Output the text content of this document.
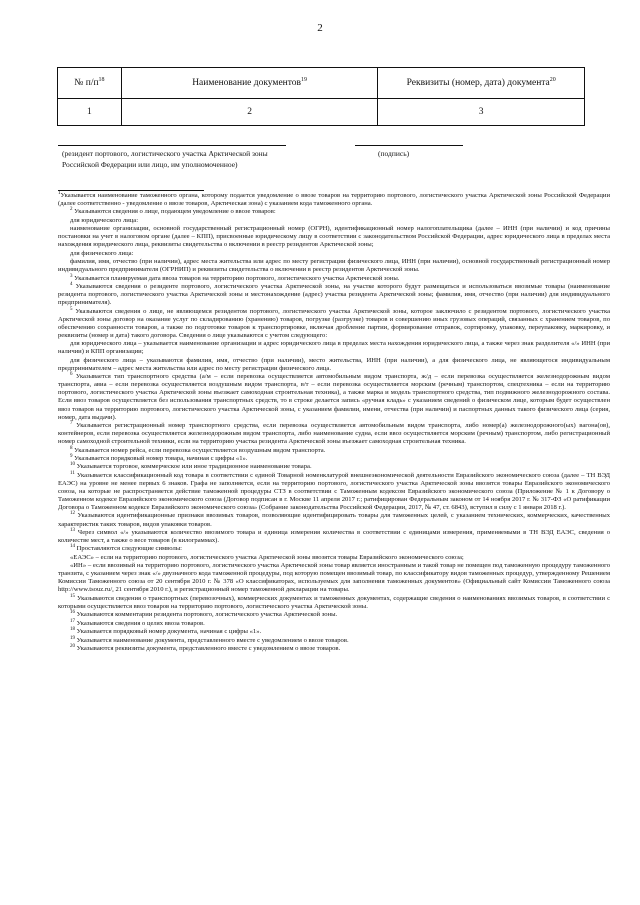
2
№ $п/п^{18}$	Наименование документов$^{19}$	Реквизиты (номер, дата) документа$^{20}$
1	2	3
(резидент портового, логистического участка Арктической зоны Российской Федерации или лицо, им уполномоченное)
(подпись)

$^1$Указывается наименование таможенного органа, которому подается уведомление о ввозе товаров на территорию портового, логистического участка Арктической зоны Российской Федерации (далее соответственно - уведомление о ввозе товаров, Арктическая зона) с указанием кода таможенного органа.

$^2$ Указываются сведения о лице, подающем уведомление о ввозе товаров:

для юридического лица:

наименование организации, основной государственный регистрационный номер (ОГРН), идентификационный номер налогоплательщика (далее – ИНН (при наличии) и код причины постановки на учет в налоговом органе (далее – КПП), присвоенные юридическому лицу в соответствии с законодательством Российской Федерации, адрес юридического лица в пределах места нахождения юридического лица, реквизиты свидетельства о включении в реестр резидентов Арктической зоны;

для физического лица:

фамилия, имя, отчество (при наличии), адрес места жительства или адрес по месту регистрации физического лица, ИНН (при наличии), основной государственный регистрационный номер индивидуального предпринимателя (ОГРНИП) и реквизиты свидетельства о включении в реестр резидентов Арктической зоны.

$^3$ Указывается планируемая дата ввоза товаров на территорию портового, логистического участка Арктической зоны.

$^4$ Указываются сведения о резиденте портового, логистического участка Арктической зоны, на участке которого будут размещаться и использоваться ввозимые товары (наименование резидента портового, логистического участка Арктической зоны и местонахождение (адрес) участка резидента Арктической зоны; фамилия, имя, отчество (при наличии) для индивидуального предпринимателя).

$^5$ Указываются сведения о лице, не являющемся резидентом портового, логистического участка Арктической зоны, которое заключило с резидентом портового, логистического участка Арктической зоны договор на оказание услуг по складированию (хранению) товаров, погрузке (разгрузке) товаров и совершению иных грузовых операций, связанных с хранением товаров, по обеспечению сохранности товаров, а также по подготовке товаров к транспортировке, включая дробление партии, формирование отправок, сортировку, упаковку, переупаковку, маркировку, и реквизиты (номер и дата) такого договора. Сведения о лице указываются с учетом следующего:

для юридического лица – указывается наименование организации и адрес юридического лица в пределах места нахождения юридического лица, а также через знак разделителя «/» ИНН (при наличии) и КПП организации;

для физического лица – указываются фамилия, имя, отчество (при наличии), место жительства, ИНН (при наличии), а для физического лица, не являющегося индивидуальным предпринимателем – адрес места жительства или адрес по месту регистрации физического лица.

$^6$ Указывается тип транспортного средства (а/м – если перевозка осуществляется автомобильным видом транспорта, ж/д – если перевозка осуществляется железнодорожным видом транспорта, авиа – если перевозка осуществляется воздушным видом транспорта, в/т – если перевозка осуществляется морским (речным) транспортом, спецтехника – если на территорию портового, логистического участка Арктической зоны въезжает самоходная строительная техника), а также марка и модель транспортного средства, тип подвижного железнодорожного состава. Если ввоз товаров осуществляется без использования транспортных средств, то в строке делается запись «ручная кладь» с указанием сведений о физическом лице, которым будет осуществлен ввоз товаров на территорию портового, логистического участка Арктической зоны, с указанием фамилии, имени, отчества (при наличии) и паспортных данных такого физического лица (серия, номер, дата выдачи).

$^7$ Указывается регистрационный номер транспортного средства, если перевозка осуществляется автомобильным видом транспорта, либо номер(а) железнодорожного(ых) вагона(ов), контейнеров, если перевозка осуществляется железнодорожным видом транспорта, либо наименование судна, если ввоз осуществляется морским (речным) транспортом, либо регистрационный номер самоходной строительной техники, если на территорию участка резидента Арктической зоны въезжает самоходная строительная техника.

$^8$ Указывается номер рейса, если перевозка осуществляется воздушным видом транспорта.

$^9$ Указывается порядковый номер товара, начиная с цифры «1».

$^{10}$ Указывается торговое, коммерческое или иное традиционное наименование товара.

$^{11}$ Указывается классификационный код товара в соответствии с единой Товарной номенклатурой внешнеэкономической деятельности Евразийского экономического союза (далее – ТН ВЭД ЕАЭС) на уровне не менее первых 6 знаков. Графа не заполняется, если на территорию портового, логистического участка Арктической зоны ввозятся товары Евразийского экономического союза, на которые не распространяется действие таможенной процедуры СТЗ в соответствии с Таможенным кодексом Евразийского экономического союза (Приложение № 1 к Договору о Таможенном кодексе Евразийского экономического союза (Договор подписан в г. Москве 11 апреля 2017 г.; ратифицирован Федеральным законом от 14 ноября 2017 г. № 317-ФЗ «О ратификации Договора о Таможенном кодексе Евразийского экономического союза» (Собрание законодательства Российской Федерации, 2017, № 47, ст. 6843), вступил в силу с 1 января 2018 г.).

$^{12}$ Указываются идентификационные признаки ввозимых товаров, позволяющие идентифицировать товары для таможенных целей, с указанием технических, коммерческих, качественных характеристик таких товаров, видов упаковки товаров.

$^{13}$ Через символ «/» указываются количество ввозимого товара и единица измерения количества в соответствии с единицами измерения, применяемыми в ТН ВЭД ЕАЭС, сведения о количестве мест, а также о весе товаров (в килограммах).

$^{14}$ Проставляются следующие символы:

«ЕАЭС» – если на территорию портового, логистического участка Арктической зоны ввозятся товары Евразийского экономического союза;

«ИН» – если ввозимый на территорию портового, логистического участка Арктической зоны товар является иностранным и такой товар не помещен под таможенную процедуру таможенного транзита, с указанием через знак «/» двузначного кода таможенной процедуры, под которую помещен ввозимый товар, по классификатору видов таможенных процедур, утвержденному Решением Комиссии Таможенного союза от 20 сентября 2010 г. № 378 «О классификаторах, используемых для заполнения таможенных документов» (Официальный сайт Комиссии Таможенного союза http://www.tsouz.ru/, 21 сентября 2010 г.), и регистрационный номер таможенной декларации на товары.

$^{15}$ Указываются сведения о транспортных (перевозочных), коммерческих документах и таможенных документах, содержащие сведения о наименованиях ввозимых товаров, в соответствии с которыми осуществляется ввоз товаров на территорию портового, логистического участка Арктической зоны.

$^{16}$ Указываются комментарии резидента портового, логистического участка Арктической зоны.

$^{17}$ Указываются сведения о целях ввоза товаров.

$^{18}$ Указывается порядковый номер документа, начиная с цифры «1».

$^{19}$ Указывается наименование документа, представленного вместе с уведомлением о ввозе товаров.

$^{20}$ Указываются реквизиты документа, представленного вместе с уведомлением о ввозе товаров.
